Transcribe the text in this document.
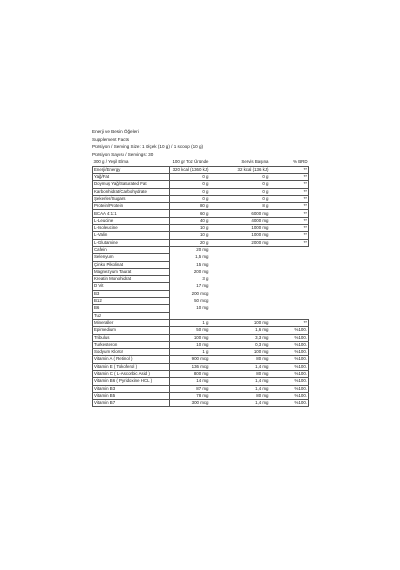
Enerji ve Besin Öğeleri
Supplement Facts
Pürsiyon / Serving Size: 1 ölçek (10 g) / 1 scoop (10 g)
Pürsiyon Sayısı / Servings: 30
300 g / Yeşil Elma	100 gr Toz Üründe	Servis Başına	% BRD
Enerji/Energy	320 kcal (1360 kJ)	32 kcal (136 kJ)	**
Yağ/Fat	0 g	0 g	**
Doymuş Yağ/Saturated Fat	0 g	0 g	**
Karbonhidrat/Carbohydrate	0 g	0 g	**
Şekerler/Sugars	0 g	0 g	**
Protein/Protein	80 g	8 g	**
BCAA 4:1:1	60 g	6000 mg	**
L-Leucine	40 g	4000 mg	**
L-Isoleucine	10 g	1000 mg	**
L-Valin	10 g	1000 mg	**
L-Glutamine	20 g	2000 mg	**
Cafein	20 mg		
Selenyum	1,5 mg		
Çinko Pikolinat	15 mg		
Magnezyum Taurat	200 mg		
Kreatin Monohidrat	3 g		
D Vit	17 mg		
B3	200 mcg		
B12	50 mcg		
B6	10 mg		
Tuz			
Mineraller	1 g	100 mg	**
Epimedium	50 mg	1,6 mg	%100.
Tribulus	100 mg	3,3 mg	%100.
Turkesteron	10 mg	0,3 mg	%100.
Sodyum Klorür	1 g	100 mg	%100.
Vitamin A ( Retinol )	900 mcg	80 mg	%100.
Vitamin E ( Tokoferol )	136 mcg	1,4 mg	%100.
Vitamin C ( L-Ascorbic Asid )	800 mg	80 mg	%100.
Vitamin B6 ( Pyridoxine HCL )	14 mg	1,4 mg	%100.
Vitamin B3	87 mg	1,4 mg	%100.
Vitamin B5	78 mg	80 mg	%100.
Vitamin B7	300 mcg	1,4 mg	%100.
